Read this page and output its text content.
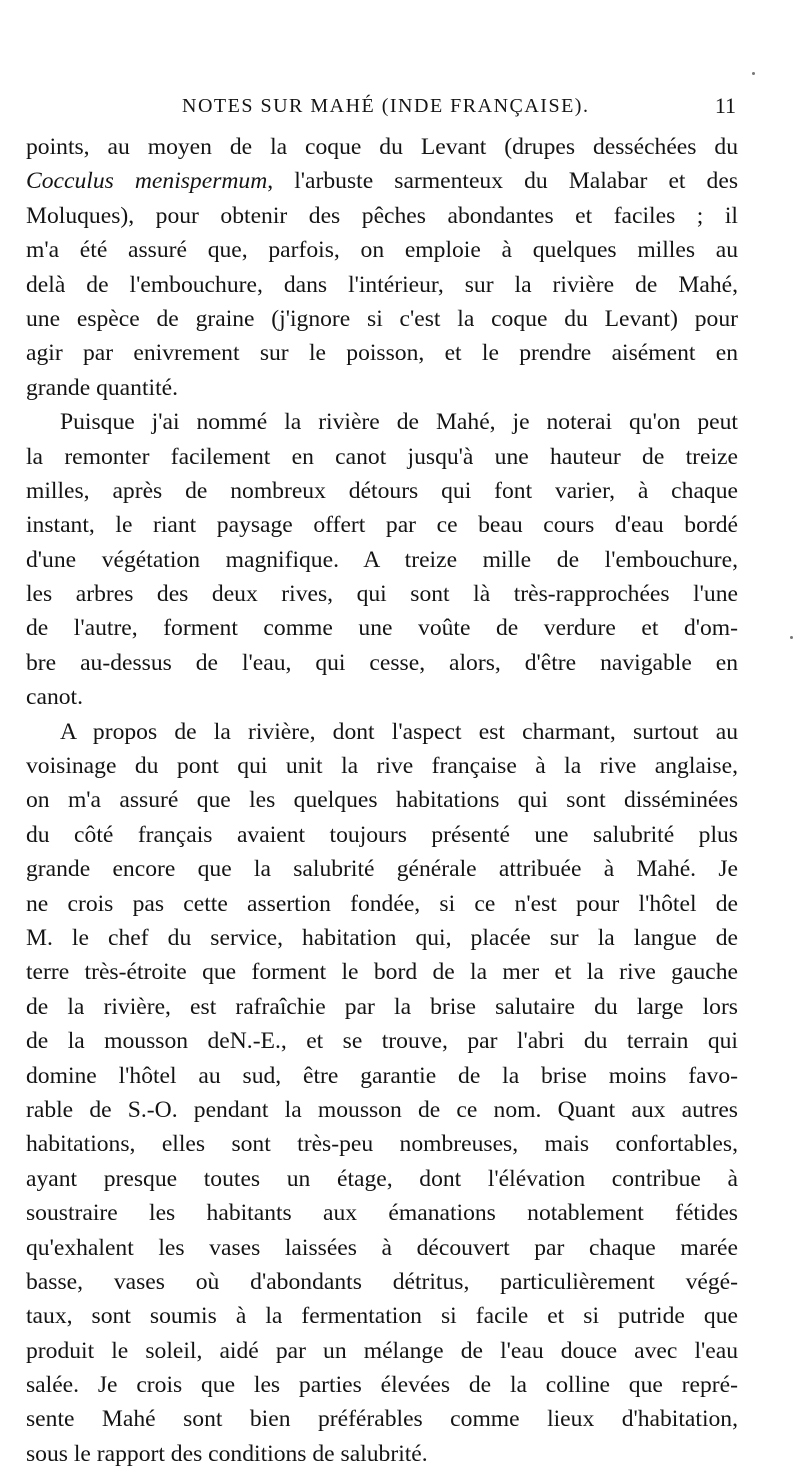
NOTES SUR MAHÉ (INDE FRANÇAISE).	11
points, au moyen de la coque du Levant (drupes desséchées du
Cocculus menispermum, l'arbuste sarmenteux du Malabar et des
Moluques), pour obtenir des pêches abondantes et faciles ; il
m'a été assuré que, parfois, on emploie à quelques milles au
delà de l'embouchure, dans l'intérieur, sur la rivière de Mahé,
une espèce de graine (j'ignore si c'est la coque du Levant) pour
agir par enivrement sur le poisson, et le prendre aisément en
grande quantité.
Puisque j'ai nommé la rivière de Mahé, je noterai qu'on peut
la remonter facilement en canot jusqu'à une hauteur de treize
milles, après de nombreux détours qui font varier, à chaque
instant, le riant paysage offert par ce beau cours d'eau bordé
d'une végétation magnifique. A treize mille de l'embouchure,
les arbres des deux rives, qui sont là très-rapprochées l'une
de l'autre, forment comme une voûte de verdure et d'om-
bre au-dessus de l'eau, qui cesse, alors, d'être navigable en
canot.
A propos de la rivière, dont l'aspect est charmant, surtout au
voisinage du pont qui unit la rive française à la rive anglaise,
on m'a assuré que les quelques habitations qui sont disséminées
du côté français avaient toujours présenté une salubrité plus
grande encore que la salubrité générale attribuée à Mahé. Je
ne crois pas cette assertion fondée, si ce n'est pour l'hôtel de
M. le chef du service, habitation qui, placée sur la langue de
terre très-étroite que forment le bord de la mer et la rive gauche
de la rivière, est rafraîchie par la brise salutaire du large lors
de la mousson deN.-E., et se trouve, par l'abri du terrain qui
domine l'hôtel au sud, être garantie de la brise moins favo-
rable de S.-O. pendant la mousson de ce nom. Quant aux autres
habitations, elles sont très-peu nombreuses, mais confortables,
ayant presque toutes un étage, dont l'élévation contribue à
soustraire les habitants aux émanations notablement fétides
qu'exhalent les vases laissées à découvert par chaque marée
basse, vases où d'abondants détritus, particulièrement végé-
taux, sont soumis à la fermentation si facile et si putride que
produit le soleil, aidé par un mélange de l'eau douce avec l'eau
salée. Je crois que les parties élevées de la colline que repré-
sente Mahé sont bien préférables comme lieux d'habitation,
sous le rapport des conditions de salubrité.
